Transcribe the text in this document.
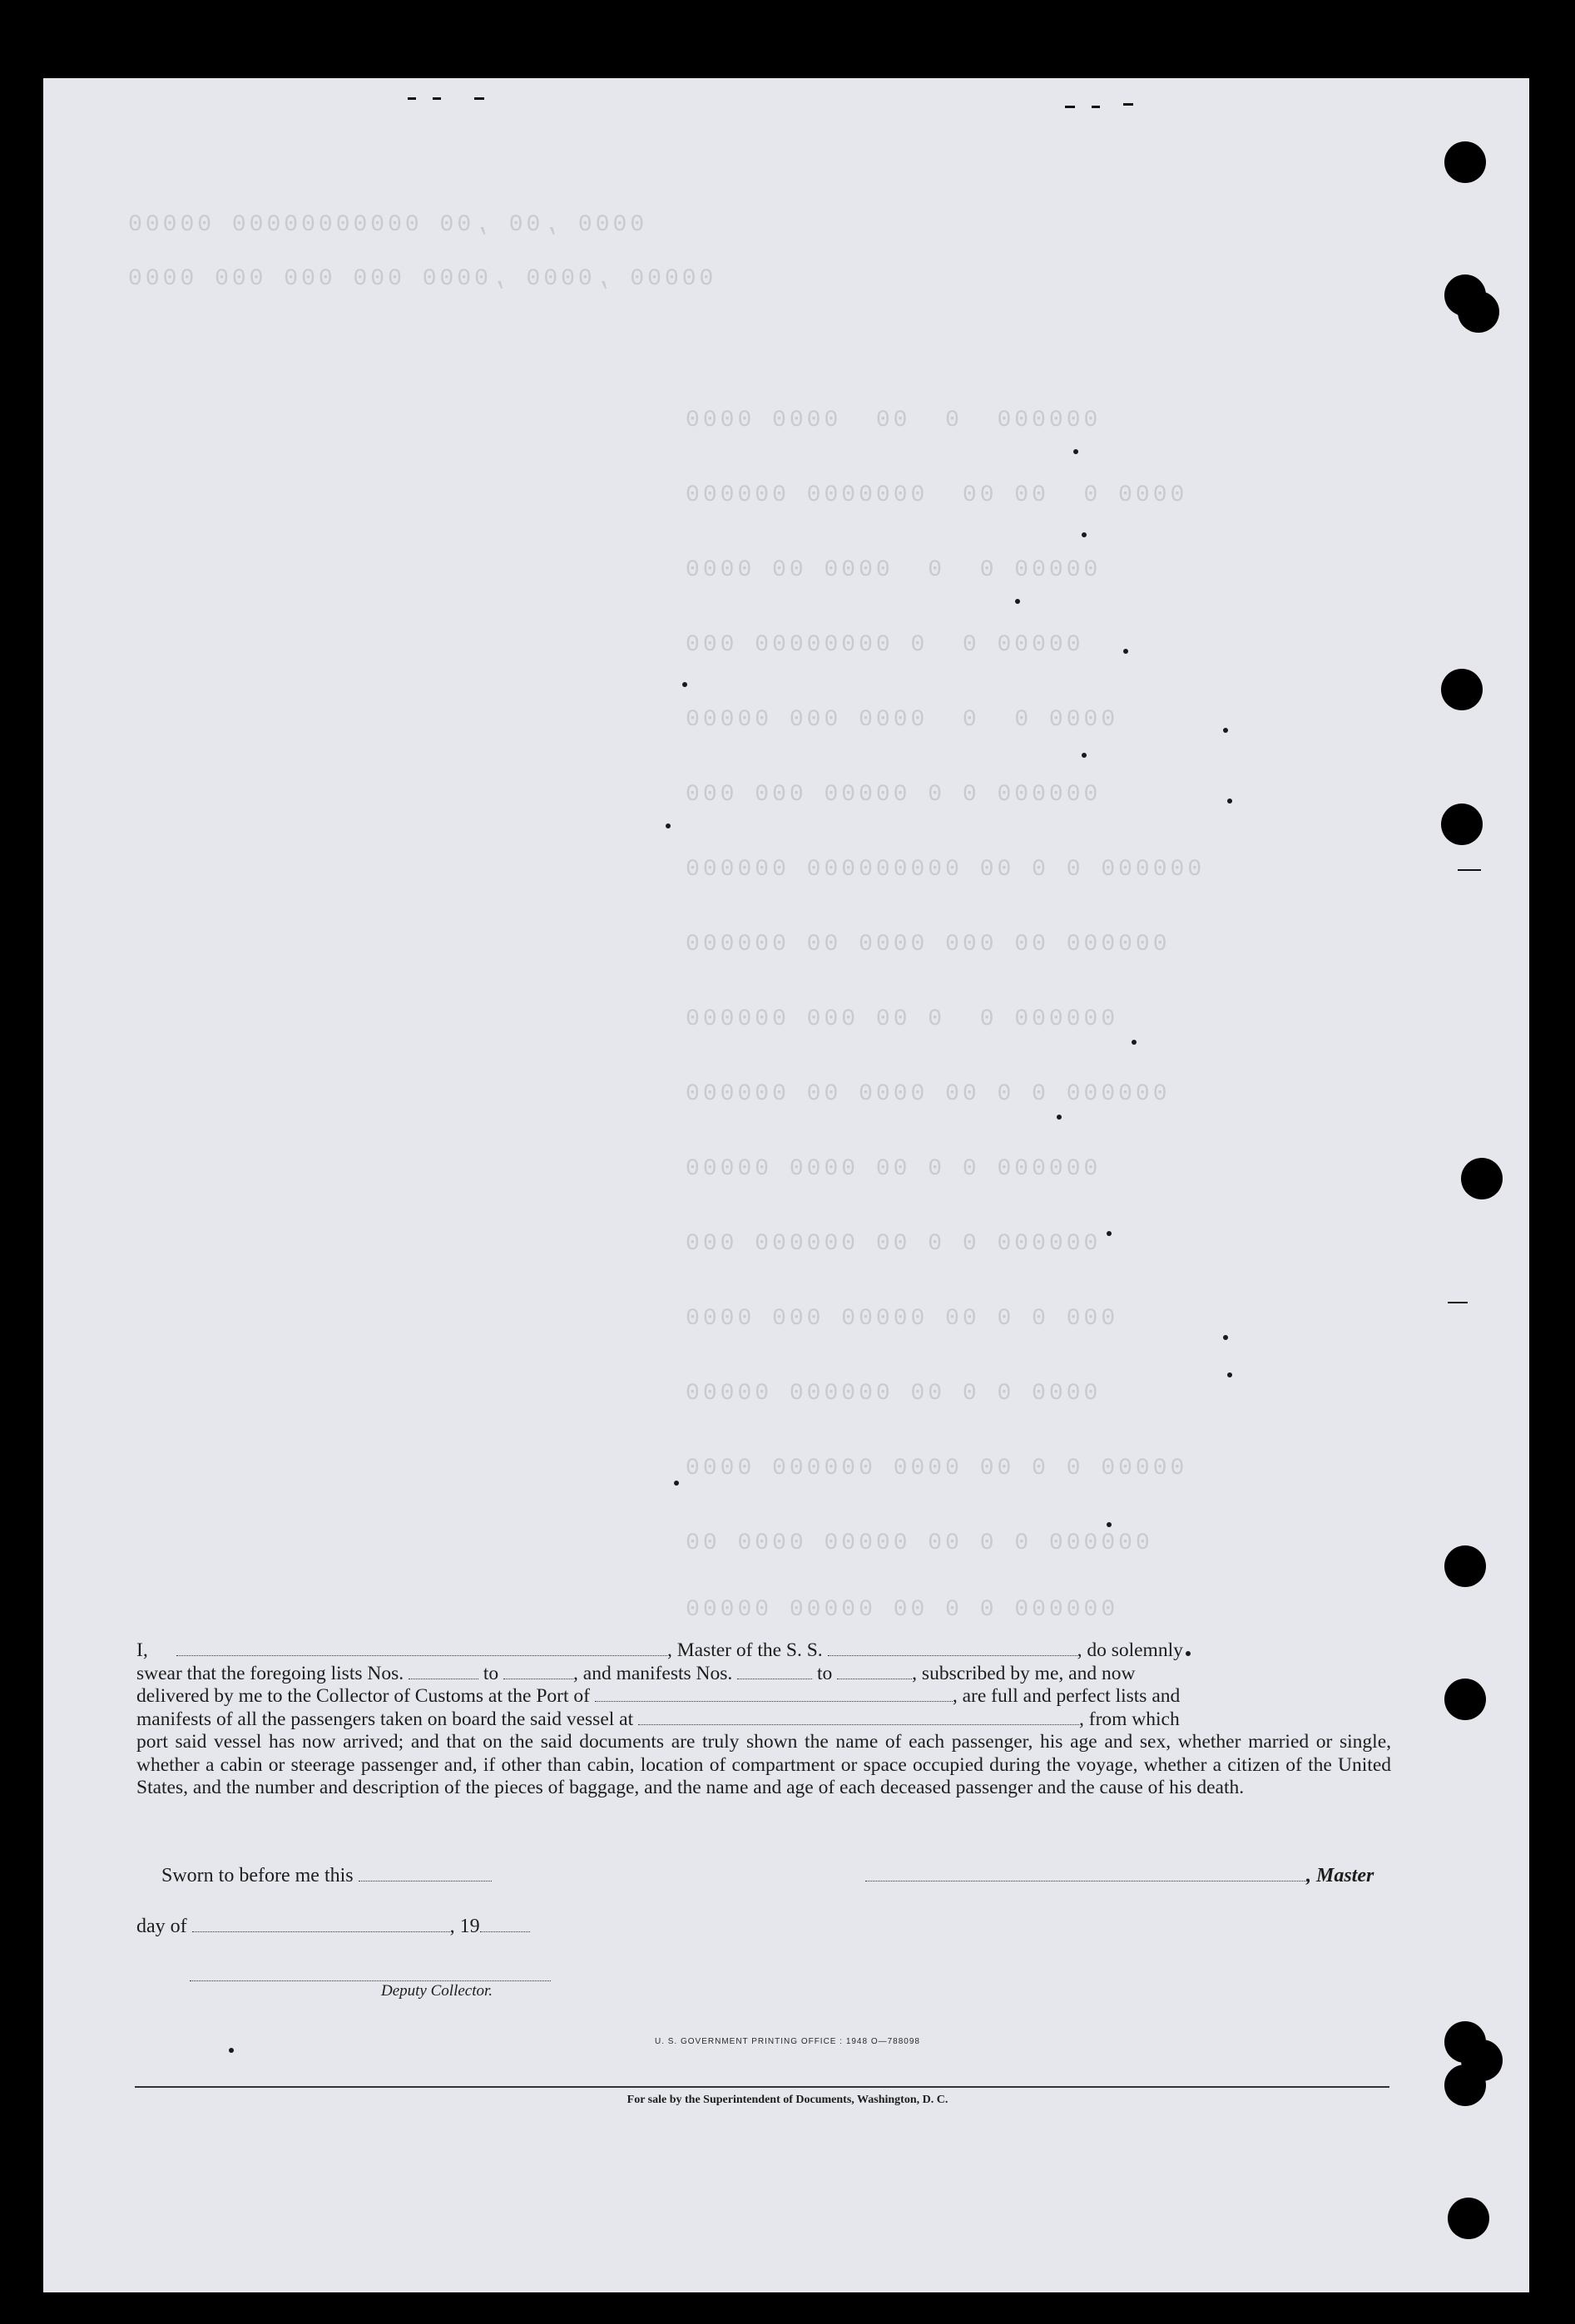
0000 ,00 ,00 00000000000 00000
00000 ,0000 ,0000 000 000 000 0000
000000  0  00  0000 0000
0000 0  00 00  0000000 000000
00000 0  0  0000 00 0000
00000 0  0 00000000 000
0000 0  0  0000 000 00000
000000 0 0 00000 000 000
000000 0 0 00 000000000 000000
000000 00 000 0000 00 000000
000000 0  0 00 000 000000
000000 0 0 00 0000 00 000000
000000 0 0 00 0000 00000
000000 0 0 00 000000 000
000 0 0 00 00000 000 0000
0000 0 0 00 000000 00000
00000 0 0 00 0000 000000 0000
000000 0 0 00 00000 0000 00
000000 0 0 00 00000 00000

I,	, Master of the S. S.	, do solemnly

swear that the foregoing lists Nos.	to	, and manifests Nos.	to	, subscribed by me, and now

delivered by me to the Collector of Customs at the Port of	, are full and perfect lists and

manifests of all the passengers taken on board the said vessel at	, from which

port said vessel has now arrived; and that on the said documents are truly shown the name of each passenger, his age and sex, whether married or single, whether a cabin or steerage passenger and, if other than cabin, location of compartment or space occupied during the voyage, whether a citizen of the United States, and the number and description of the pieces of baggage, and the name and age of each deceased passenger and the cause of his death.

Sworn to before me this	, Master
day of	, 19
Deputy Collector.
U. S. GOVERNMENT PRINTING OFFICE : 1948 O—788098
For sale by the Superintendent of Documents, Washington, D. C.
